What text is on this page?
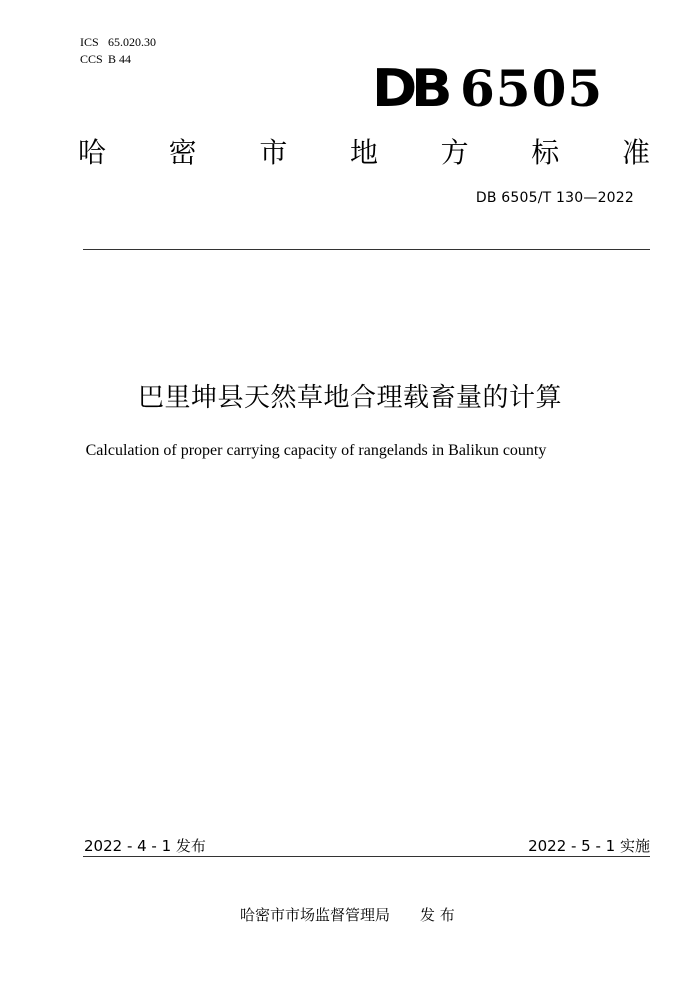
ICS 65.020.30
CCS B 44	DB 6505
哈 密 市 地 方 标 准
DB 6505/T 130—2022
巴里坤县天然草地合理载畜量的计算
Calculation of proper carrying capacity of rangelands in Balikun county
2022 - 4 - 1 发布	2022 - 5 - 1 实施
哈密市市场监督管理局 发 布
